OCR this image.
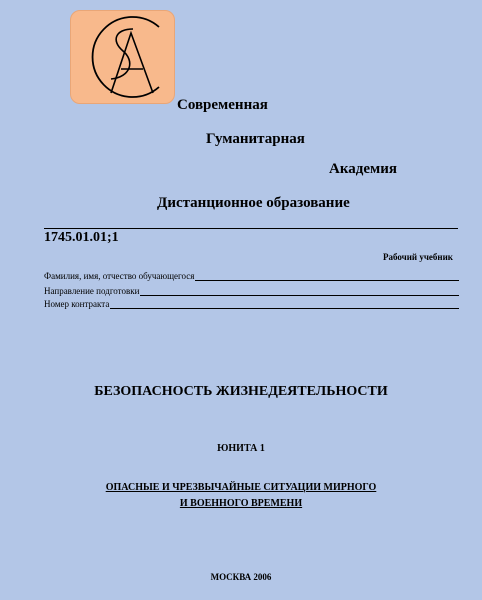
Современная
Гуманитарная
Академия
Дистанционное образование
1745.01.01;1
Рабочий учебник
Фамилия, имя, отчество обучающегося
Направление подготовки
Номер контракта
БЕЗОПАСНОСТЬ ЖИЗНЕДЕЯТЕЛЬНОСТИ
ЮНИТА 1
ОПАСНЫЕ И ЧРЕЗВЫЧАЙНЫЕ СИТУАЦИИ МИРНОГО
И ВОЕННОГО ВРЕМЕНИ
МОСКВА 2006
